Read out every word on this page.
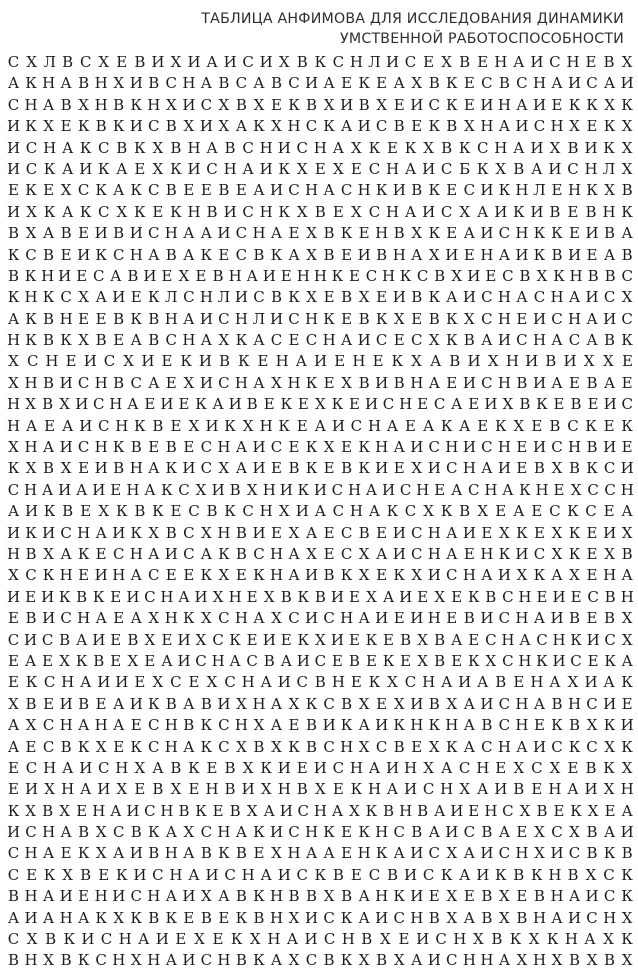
ТАБЛИЦА АНФИМОВА ДЛЯ ИССЛЕДОВАНИЯ ДИНАМИКИ
УМСТВЕННОЙ РАБОТОСПОСОБНОСТИ
С Х Л В С Х Е В И Х И А И С И Х В К С Н Л И С Е Х В Е Н А И С Н Е В Х
А К Н А В Н Х И В С Н А В С А В С И А Е К Е А Х В К Е С В С Н А И С А И
С Н А В Х Н В К Н Х И С Х В Х Е К В Х И В Х Е И С К Е И Н А И Е К К Х К
И К Х Е К В К И С В Х И Х А К Х Н С К А И С В Е К В Х Н А И С Н Х Е К Х
И С Н А К С В К Х В Н А В С Н И С Н А Х К Е К Х В К С Н А И Х В И К Х
И С К А И К А Е Х К И С Н А И К Х Е Х Е С Н А И С Б К Х В А И С Н Л Х
Е К Е Х С К А К С В Е Е В Е А И С Н А С Н К И В К Е С И К Н Л Е Н К Х В
И Х К А К С Х К Е К Н В И С Н К Х В Е Х С Н А И С Х А И К И В Е В Н К
В Х А В Е И В И С Н А А И С Н А Е Х В К Е Н В Х К Е А И С Н К К Е И В А
К С В Е И К С Н А В А К Е С В К А Х В Е И В Н А Х И Е Н А И К В И Е А В
В К Н И Е С А В И Е Х Е В Н А И Е Н Н К Е С Н К С В Х И Е С В Х К Н В В С
К Н К С Х А И Е К Л С Н Л И С В К Х Е В Х Е И В К А И С Н А С Н А И С Х
А К В Н Е Е В К В Н А И С Н Л И С Н К Е В К Х Е В К Х С Н Е И С Н А И С
Н К В К Х В Е А В С Н А Х К А С Е С Н А И С Е С Х К В А И С Н А С А В К
Х С Н Е И С Х И Е К И В К Е Н А И Е Н Е К Х А В И Х Н И В И Х Х Е
Х Н В И С Н В С А Е Х И С Н А Х Н К Е Х В И В Н А Е И С Н В И А Е В А Е
Н Х В Х И С Н А Е И Е К А И В Е К Е Х К Е И С Н Е С А Е И Х В К Е В Е И С
Н А Е А И С Н К В Е Х И К Х Н К Е А И С Н А Е А К А Е К Х Е В С К Е К
Х Н А И С Н К В Е В Е С Н А И С Е К Х Е К Н А И С Н И С Н Е И С Н В И Е
К Х В Х Е И В Н А К И С Х А И Е В К Е В К И Е Х И С Н А И Е В Х В К С И
С Н А И А И Е Н А К С Х И В Х Н И К И С Н А И С Н Е А С Н А К Н Е Х С С Н
А И К В Е Х К В К Е С В К С Н Х И А С Н А К С Х К В Х Е А Е С К С Е А
И К И С Н А И К Х В С Х Н В И Е Х А Е С В Е И С Н А И Е Х К Е Х К Е И Х
Н В Х А К Е С Н А И С А К В С Н А Х Е С Х А И С Н А Е Н К И С Х К Е Х В
Х С К Н Е И Н А С Е Е К Х Е К Н А И В К Х Е К Х И С Н А И Х К А Х Е Н А
И Е И К В К Е И С Н А И Х Н Е Х В К В И Е Х А И Е Х Е К В С Н Е И Е С В Н
Е В И С Н А Е А Х Н К Х С Н А Х С И С Н А И Е И Н Е В И С Н А И В Е В Х
С И С В А И Е В Х Е И Х С К Е И Е К Х И Е К Е В Х В А Е С Н А С Н К И С Х
Е А Е Х К В Е Х Е А И С Н А С В А И С Е В Е К Е Х В Е К Х С Н К И С Е К А
Е К С Н А И И Е Х С Е Х С Н А И С В Н Е К Х С Н А И А В Е Н А Х И А К
Х В Е И В Е А И К В А В И Х Н А Х К С В Х Е Х И В Х А И С Н А В Н С И Е
А Х С Н А Н А Е С Н В К С Н Х А Е В И К А И К Н К Н А В С Н Е К В Х К И
А Е С В К Х Е К С Н А К С Х В Х К В С Н Х С В Е Х К А С Н А И С К С Х К
Е С Н А И С Н Х А В К Е В Х К И Е И С Н А И Н Х А С Н Е Х С Х Е В К Х
Е И Х Н А И Х Е В Х Е Н В И Х Н В Х Е К Н А И С Н Х А И В Е Н А И Х Н
К Х В Х Е Н А И С Н В К Е В Х А И С Н А Х К В Н В А И Е Н С Х В Е К Х Е А
И С Н А В Х С В К А Х С Н А К И С Н К Е К Н С В А И С В А Е Х С Х В А И
С Н А Е К Х А И В Н А В К В Е Х Н А А Е Н К А И С Х А И С Н Х И С В К В
С Е К Х В Е К И С Н А И С Н А И С К В Е С В И С К А И К В К Н В Х С К
В Н А И Е Н И С Н А И Х А В К Н В В Х В А Н К И Е Х Е В Х Е В Н А И С К
А И А Н А К Х К В К Е В Е К В Н Х И С К А И С Н В Х А В Х В Н А И С Н Х
С Х В К И С Н А И Е Х Е К Х Н А И С Н В Х Е И С Н Х В К Х К Н А Х К
В Н Х В К С Н Х Н А И С Н В К А Х С В К Х В Х А И С Н Н А Х Н Х В Х В Х
